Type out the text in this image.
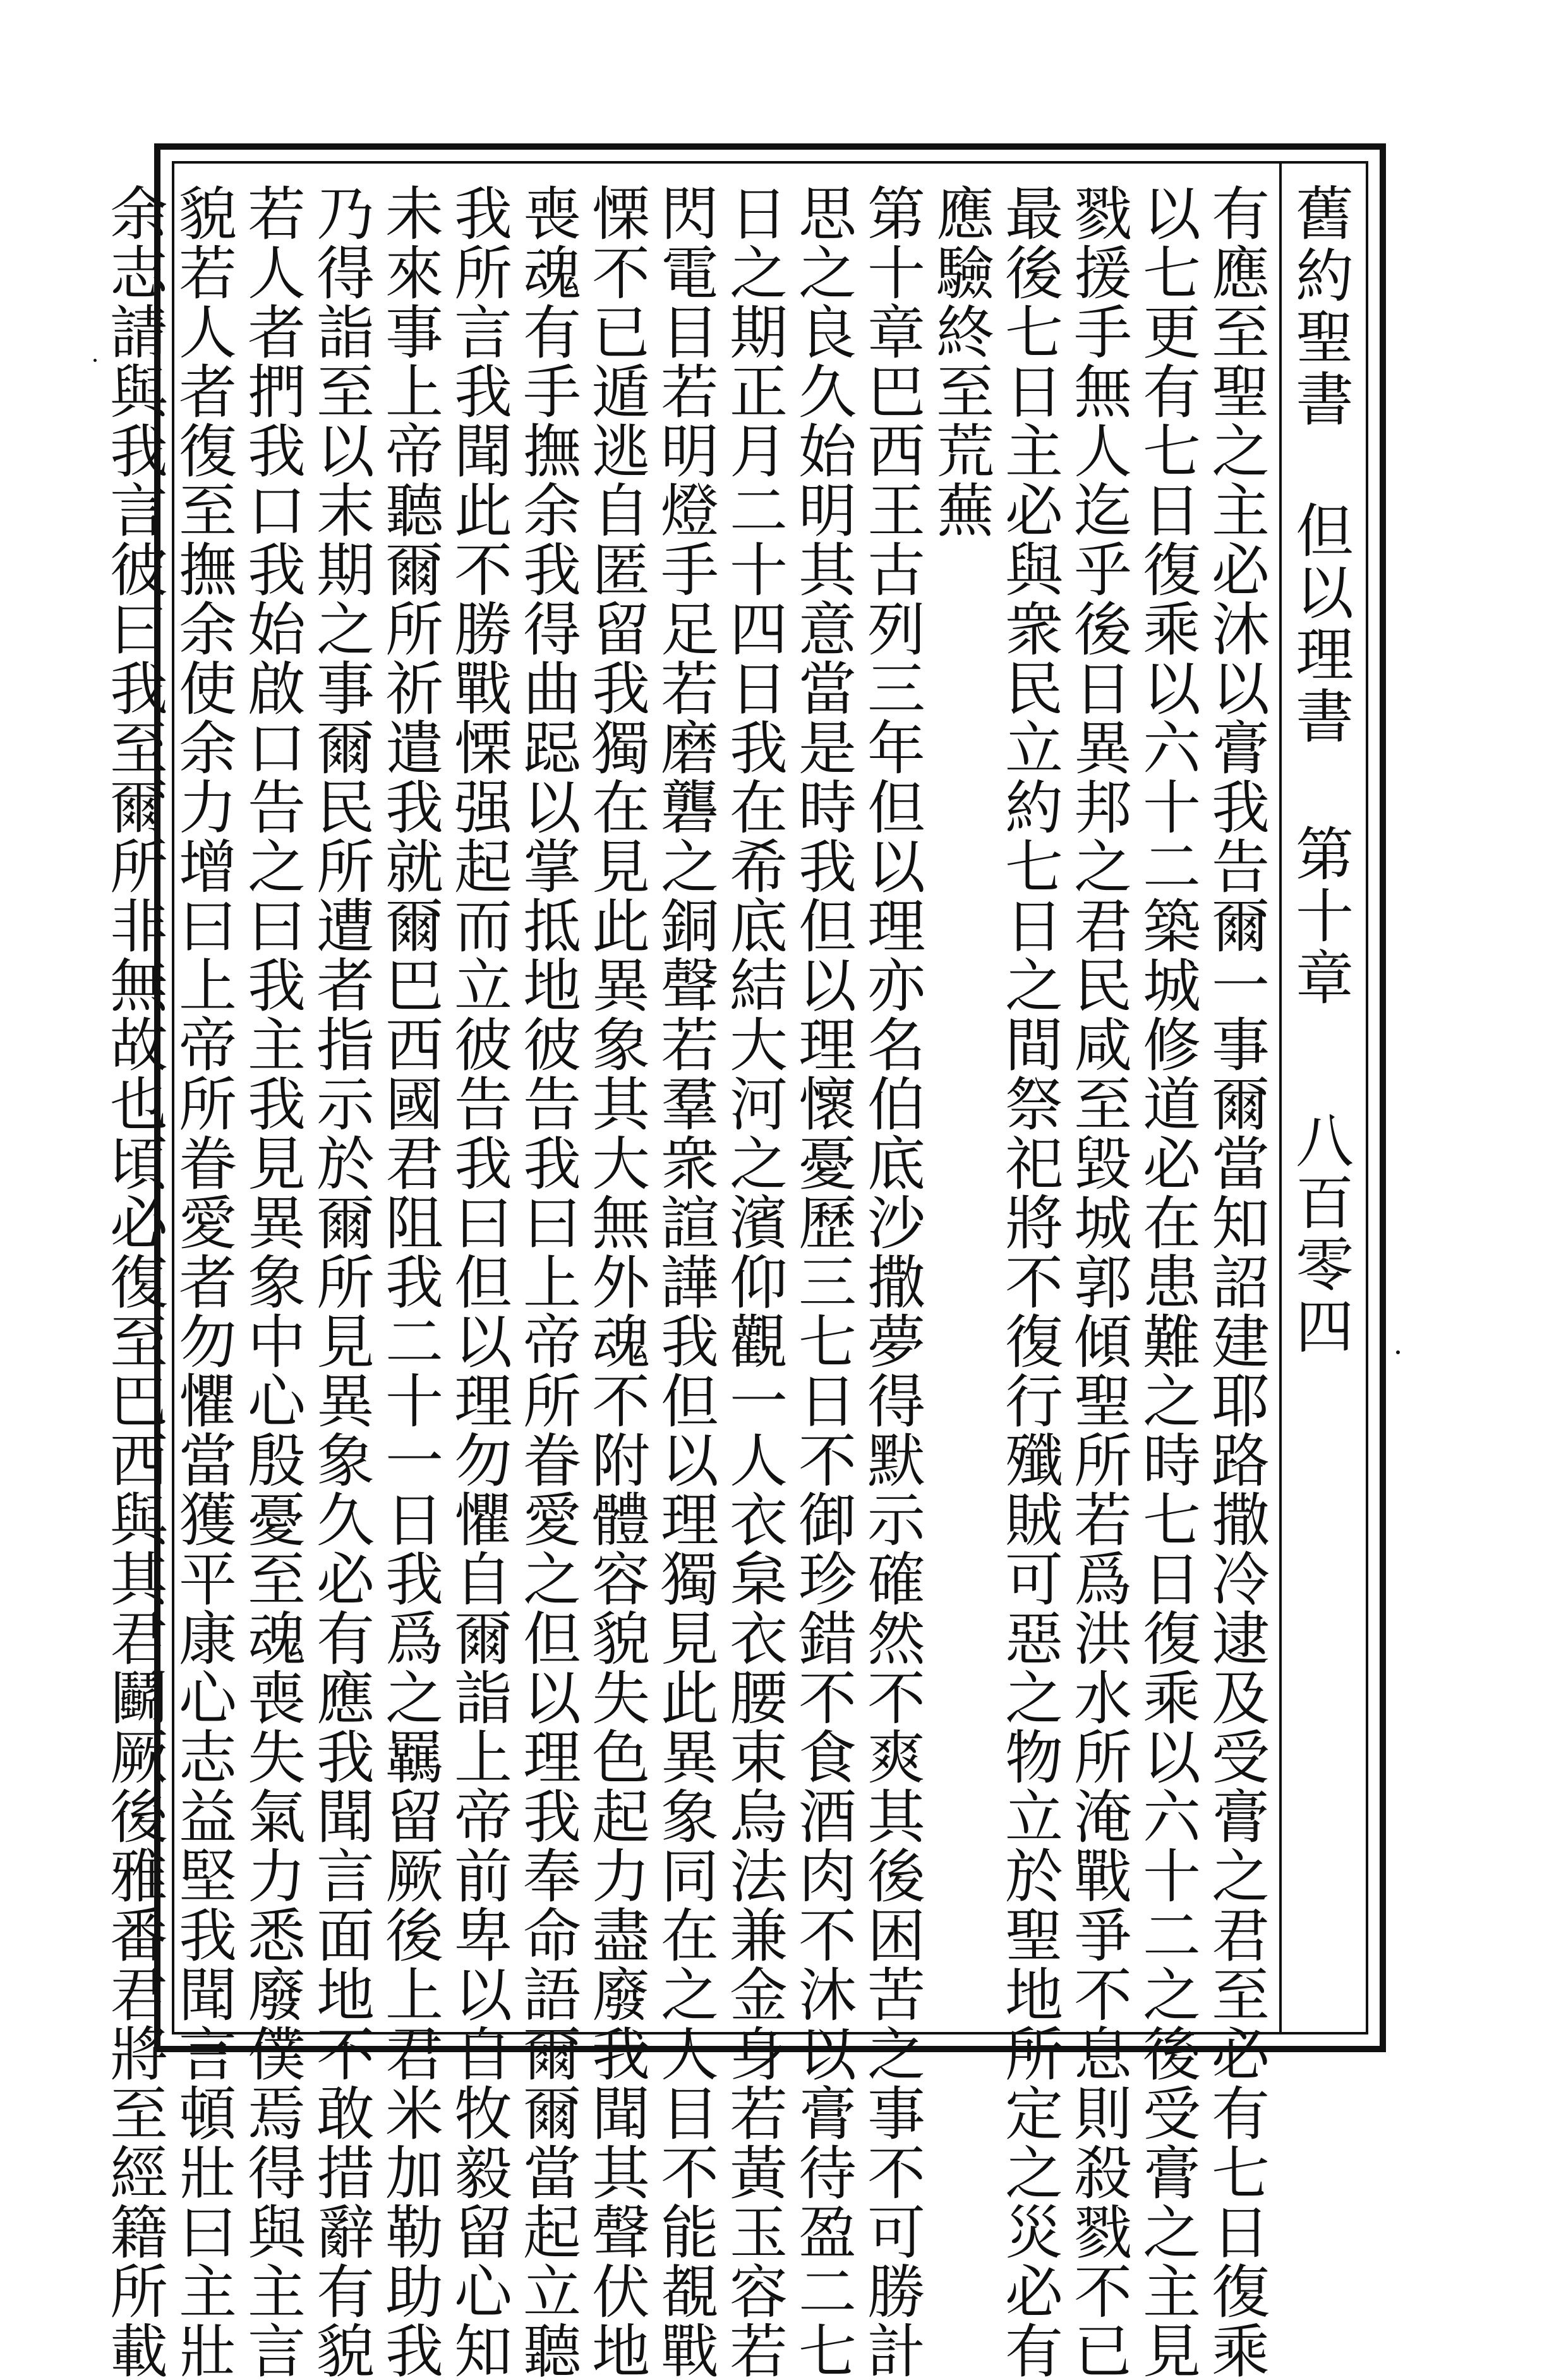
舊約聖書
但以理書
第十章
八百零四
有應至聖之主必沐以膏我告爾一事爾當知詔建耶路撒冷逮及受膏之君至必有七日復乘
以七更有七日復乘以六十二築城修道必在患難之時七日復乘以六十二之後受膏之主見
戮援手無人迄乎後日異邦之君民咸至毀城郭傾聖所若爲洪水所淹戰爭不息則殺戮不已
最後七日主必與衆民立約七日之間祭祀將不復行殲賊可惡之物立於聖地所定之災必有
應驗終至荒蕪
第十章巴西王古列三年但以理亦名伯底沙撒夢得默示確然不爽其後困苦之事不可勝計
思之良久始明其意當是時我但以理懷憂歷三七日不御珍錯不食酒肉不沐以膏待盈二七
日之期正月二十四日我在希底結大河之濱仰觀一人衣枲衣腰束烏法兼金身若黃玉容若
閃電目若明燈手足若磨礱之銅聲若羣衆諠譁我但以理獨見此異象同在之人目不能覩戰
慄不已遁逃自匿留我獨在見此異象其大無外魂不附體容貌失色起力盡廢我聞其聲伏地
喪魂有手撫余我得曲跽以掌抵地彼告我曰上帝所眷愛之但以理我奉命語爾爾當起立聽
我所言我聞此不勝戰慄强起而立彼告我曰但以理勿懼自爾詣上帝前卑以自牧毅留心知
未來事上帝聽爾所祈遣我就爾巴西國君阻我二十一日我爲之羈留厥後上君米加勒助我
乃得詣至以末期之事爾民所遭者指示於爾所見異象久必有應我聞言面地不敢措辭有貌
若人者捫我口我始啟口告之曰我主我見異象中心殷憂至魂喪失氣力悉廢僕焉得與主言
貌若人者復至撫余使余力增曰上帝所眷愛者勿懼當獲平康心志益堅我聞言頓壯曰主壯
余志請與我言彼曰我至爾所非無故也頃必復至巴西與其君鬬厥後雅番君將至經籍所載
